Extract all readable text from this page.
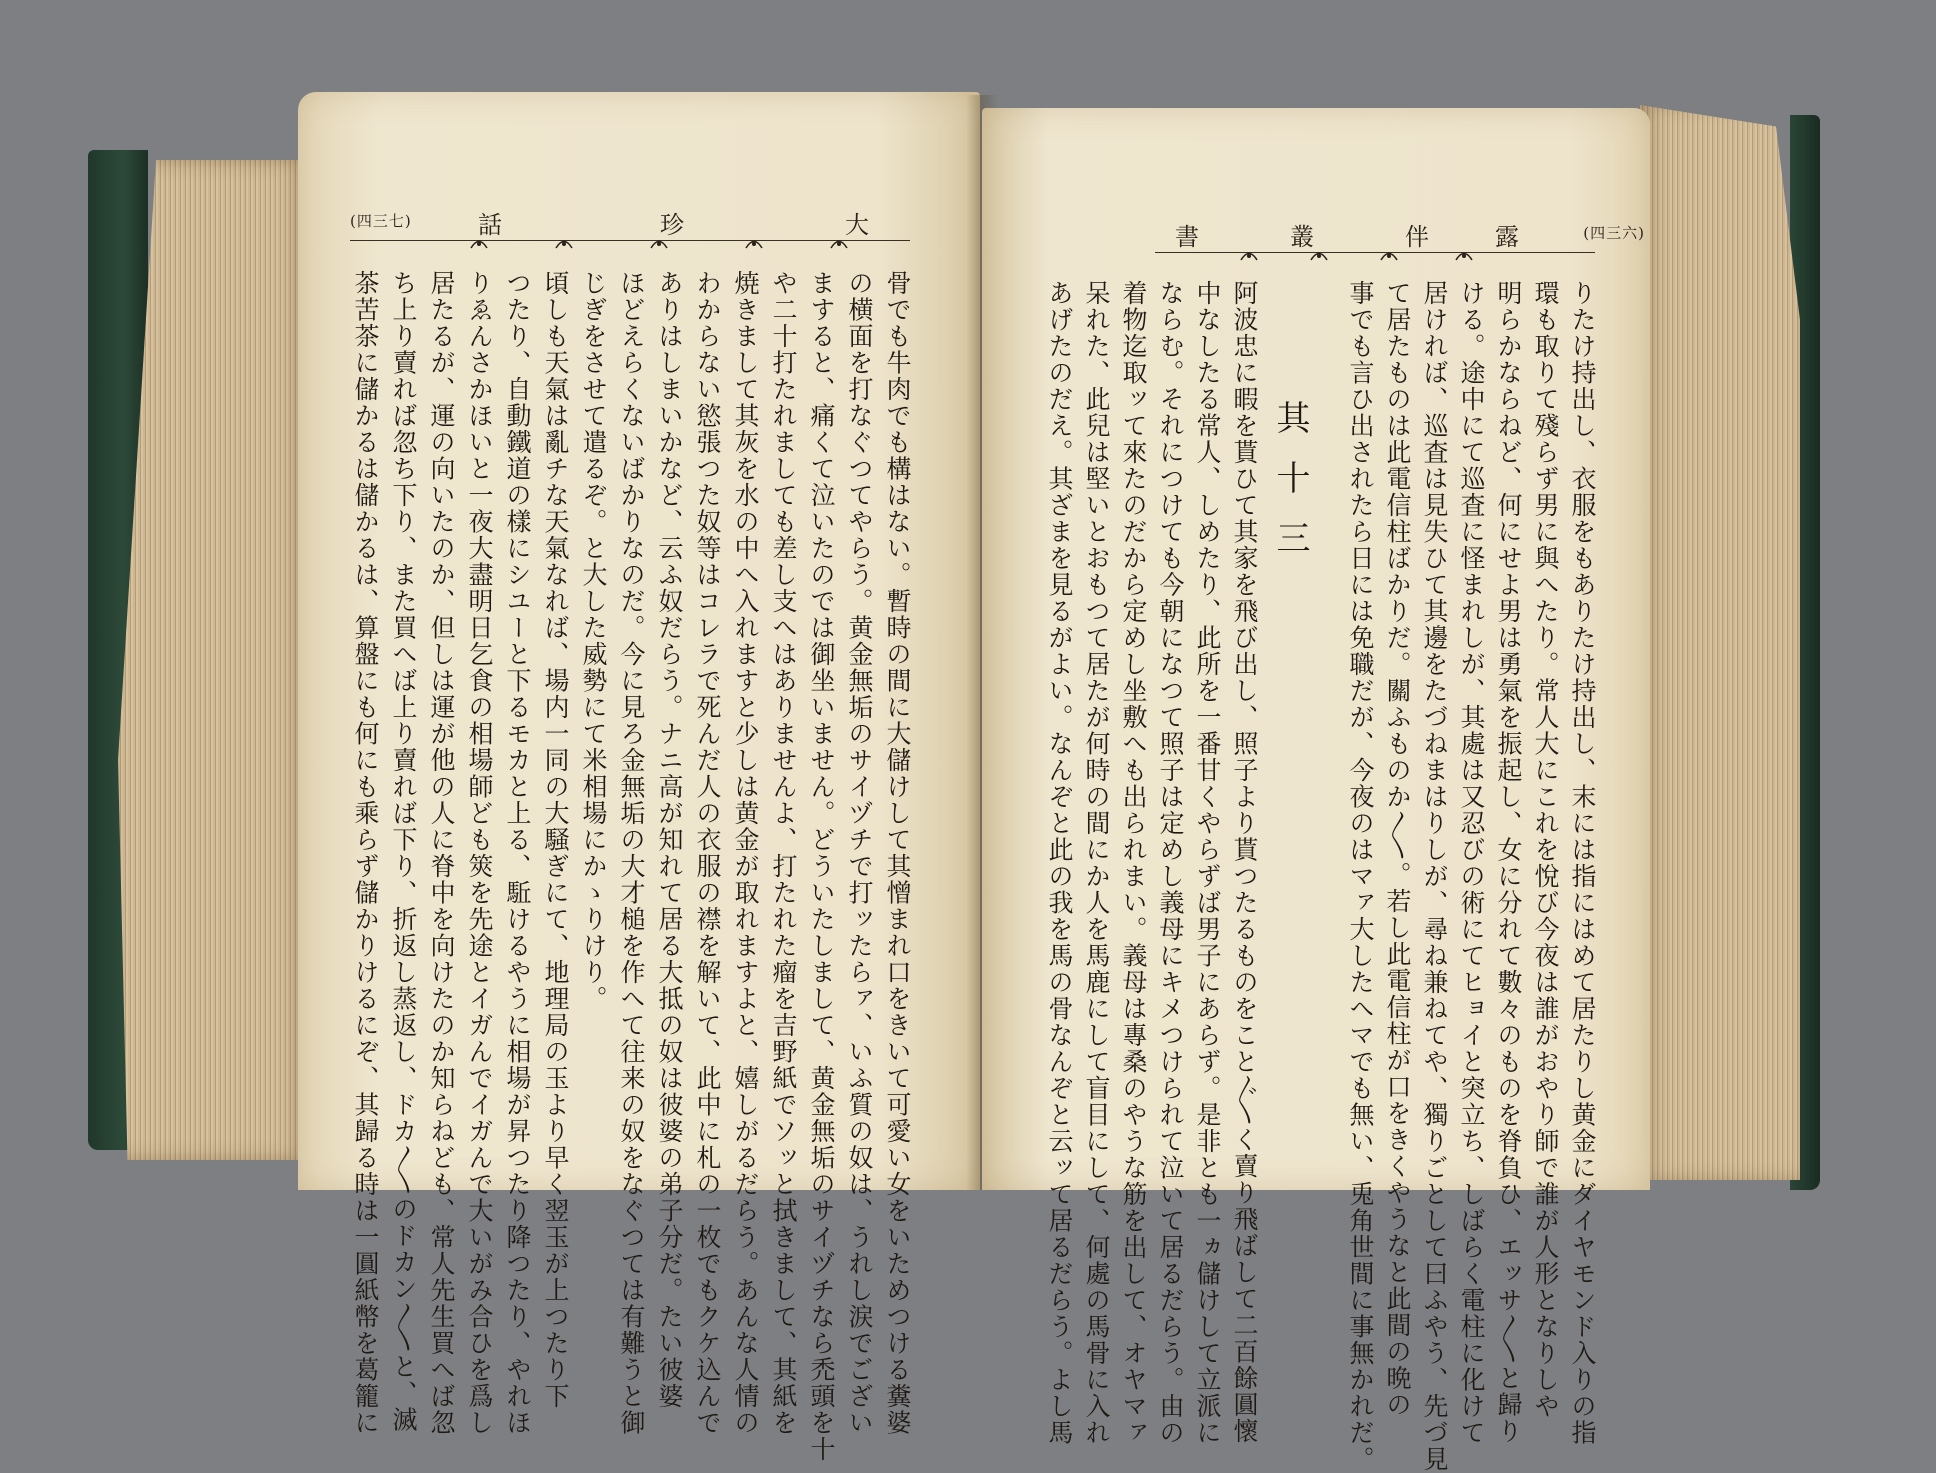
(四三七)	話	珍	大
骨でも牛肉でも構はない。暫時の間に大儲けして其憎まれ口をきいて可愛い女をいためつける糞婆
の横面を打なぐつてやらう。黄金無垢のサイヅチで打ッたらァ、いふ質の奴は、うれし涙でござい
ますると、痛くて泣いたのでは御坐いません。どういたしまして、黄金無垢のサイヅチなら禿頭を十
や二十打たれましても差し支へはありませんよ、打たれた瘤を吉野紙でソッと拭きまして、其紙を
焼きまして其灰を水の中へ入れますと少しは黄金が取れますよと、嬉しがるだらう。あんな人情の
わからない慾張つた奴等はコレラで死んだ人の衣服の襟を解いて、此中に札の一枚でもクケ込んで
ありはしまいかなど、云ふ奴だらう。ナニ高が知れて居る大抵の奴は彼婆の弟子分だ。たい彼婆
ほどえらくないばかりなのだ。今に見ろ金無垢の大才槌を作へて往来の奴をなぐつては有難うと御
じぎをさせて遣るぞ。と大した威勢にて米相場にかゝりけり。
頃しも天氣は亂チな天氣なれば、場内一同の大騒ぎにて、地理局の玉より早く翌玉が上つたり下
つたり、自動鐵道の樣にシユーと下るモカと上る、駈けるやうに相場が昇つたり降つたり、やれほ
りゑんさかほいと一夜大盡明日乞食の相場師ども筴を先途とイガんでイガんで大いがみ合ひを爲し
居たるが、運の向いたのか、但しは運が他の人に脊中を向けたのか知らねども、常人先生買へば忽
ち上り賣れば忽ち下り、また買へば上り賣れば下り、折返し蒸返し、ドカ〳〵のドカン〳〵と、滅
茶苦茶に儲かるは儲かるは、算盤にも何にも乘らず儲かりけるにぞ、其歸る時は一圓紙幣を葛籠に
書	叢	伴	露	(四三六)
りたけ持出し、衣服をもありたけ持出し、末には指にはめて居たりし黄金にダイヤモンド入りの指
環も取りて殘らず男に與へたり。常人大にこれを悅び今夜は誰がおやり師で誰が人形となりしや
明らかならねど、何にせよ男は勇氣を振起し、女に分れて數々のものを脊負ひ、エッサ〳〵と歸り
ける。途中にて巡査に怪まれしが、其處は又忍びの術にてヒョイと突立ち、しばらく電柱に化けて
居ければ、巡査は見失ひて其邊をたづねまはりしが、尋ね兼ねてや、獨りごとして曰ふやう、先づ見
て居たものは此電信柱ばかりだ。關ふものか〳〵。若し此電信柱が口をきくやうなと此間の晩の
事でも言ひ出されたら日には免職だが、今夜のはマァ大したへマでも無い、兎角世間に事無かれだ。
其十三
阿波忠に暇を貰ひて其家を飛び出し、照子より貰つたるものをこと〴〵く賣り飛ばして二百餘圓懷
中なしたる常人、しめたり、此所を一番甘くやらずば男子にあらず。是非とも一ヵ儲けして立派に
ならむ。それにつけても今朝になつて照子は定めし義母にキメつけられて泣いて居るだらう。由の
着物迄取ッて來たのだから定めし坐敷へも出られまい。義母は專桑のやうな筋を出して、オヤマァ
呆れた、此兒は堅いとおもつて居たが何時の間にか人を馬鹿にして盲目にして、何處の馬骨に入れ
あげたのだえ。其ざまを見るがよい。なんぞと此の我を馬の骨なんぞと云ッて居るだらう。よし馬
